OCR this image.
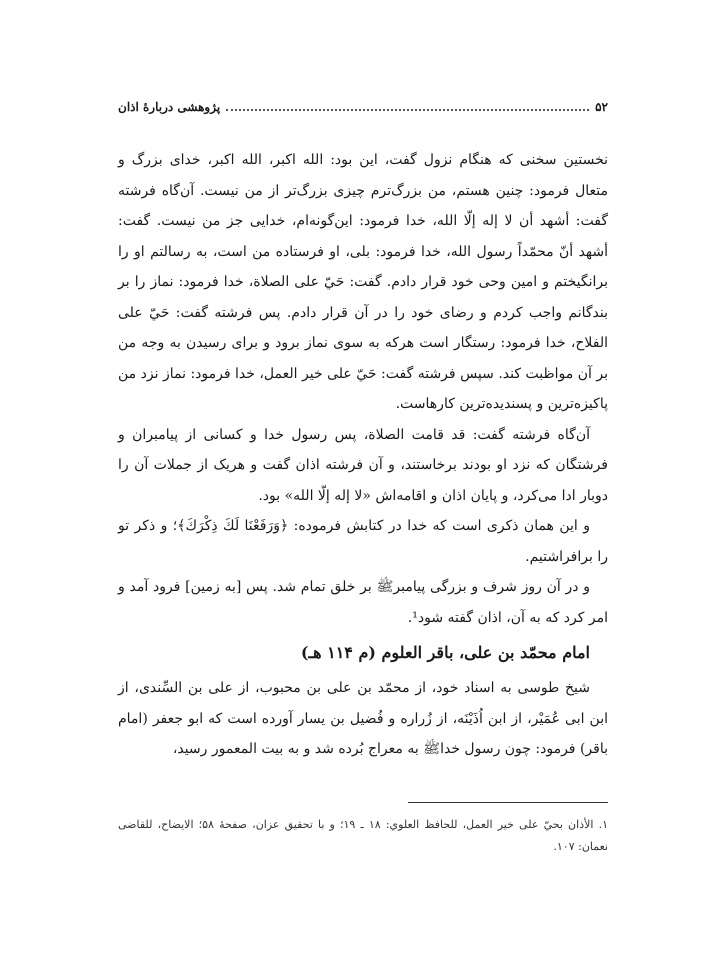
۵۲
پژوهشی دربارۀ اذان

نخستین سخنی که هنگام نزول گفت، این بود: الله اکبر، الله اکبر، خدای بزرگ و متعال فرمود: چنین هستم، من بزرگ‌ترم چیزی بزرگ‌تر از من نیست. آن‌گاه فرشته گفت: أشهد أن لا إله إلّا الله، خدا فرمود: این‌گونه‌ام، خدایی جز من نیست. گفت: أشهد أنّ محمّداً رسول الله، خدا فرمود: بلی، او فرستاده من است، به رسالتم او را برانگیختم و امین وحی خود قرار دادم. گفت: حَيّ على الصلاة، خدا فرمود: نماز را بر بندگانم واجب کردم و رضای خود را در آن قرار دادم. پس فرشته گفت: حَيّ على الفلاح، خدا فرمود: رستگار است هرکه به سوی نماز برود و برای رسیدن به وجه من بر آن مواظبت کند. سپس فرشته گفت: حَيّ على خير العمل، خدا فرمود: نماز نزد من پاکیزه‌ترین و پسندیده‌ترین کارهاست.

آن‌گاه فرشته گفت: قد قامت الصلاة، پس رسول خدا و کسانی از پیامبران و فرشتگان که نزد او بودند برخاستند، و آن فرشته اذان گفت و هریک از جملات آن را دوبار ادا می‌کرد، و پایان اذان و اقامه‌اش «لا إله إلّا الله» بود.

و این همان ذکری است که خدا در کتابش فرموده: ﴿وَرَفَعْنَا لَكَ ذِكْرَكَ﴾؛ و ذکر تو را برافراشتیم.

و در آن روز شرف و بزرگی پیامبرﷺ بر خلق تمام شد. پس [به زمین] فرود آمد و امر کرد که به آن، اذان گفته شود¹.

امام محمّد بن علی، باقر العلوم (م ۱۱۴ هـ)

شیخ طوسی به اسناد خود، از محمّد بن علی بن محبوب، از علی بن السِّندی، از ابن ابی عُمَیْر، از ابن اُذَیْنَه، از زُراره و فُضیل بن یسار آورده است که ابو جعفر (امام باقر) فرمود: چون رسول خداﷺ به معراج بُرده شد و به بیت المعمور رسید،

۱. الأذان بحيّ على خير العمل، للحافظ العلوي: ۱۸ ـ ۱۹؛ و با تحقيق عزان، صفحهٔ ۵۸؛ الايضاح، للقاضی نعمان: ۱۰۷.
